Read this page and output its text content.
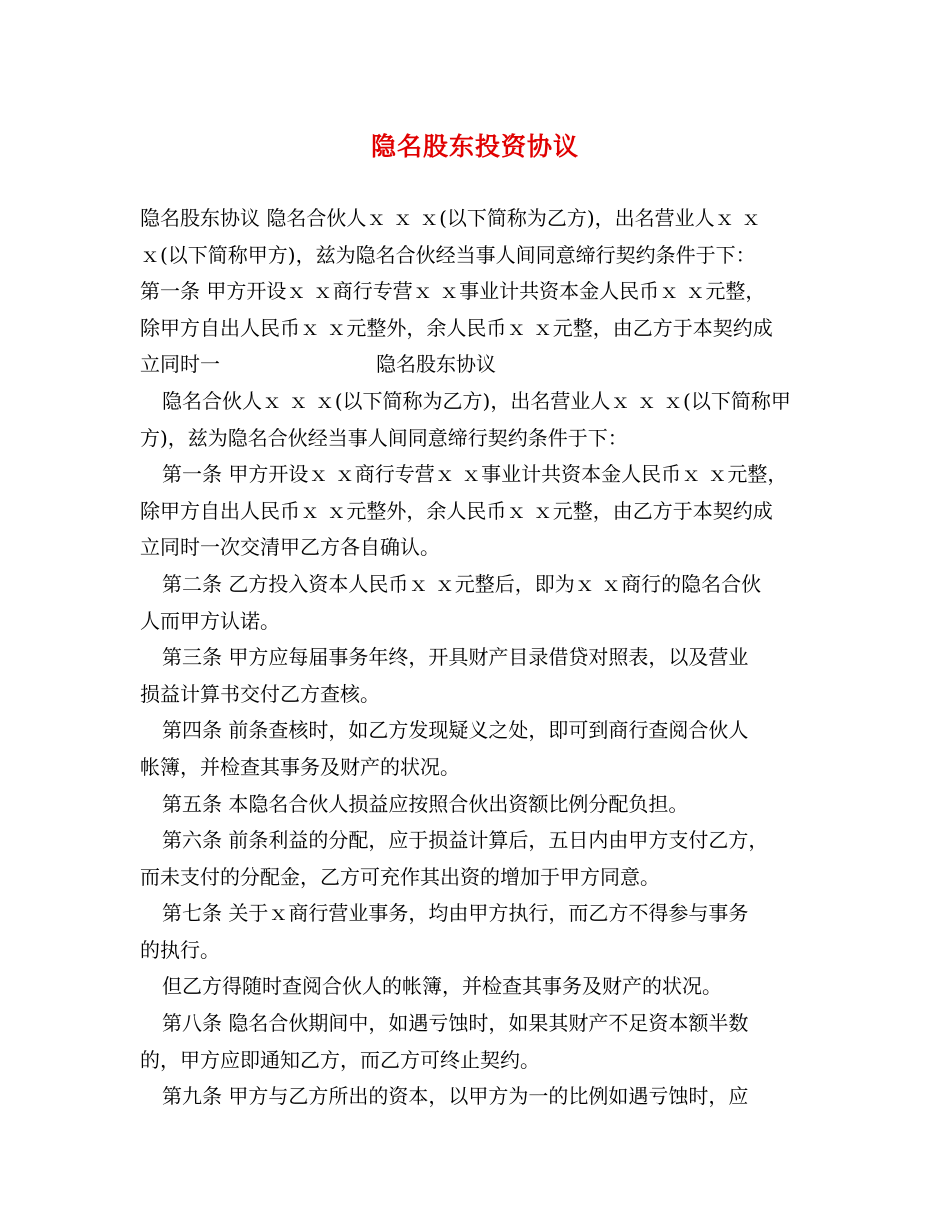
隐名股东投资协议
隐名股东协议 隐名合伙人ｘ ｘ ｘ(以下简称为乙方)，出名营业人ｘ ｘ
ｘ(以下简称甲方)，兹为隐名合伙经当事人间同意缔行契约条件于下：
第一条 甲方开设ｘ ｘ商行专营ｘ ｘ事业计共资本金人民币ｘ ｘ元整，
除甲方自出人民币ｘ ｘ元整外，余人民币ｘ ｘ元整，由乙方于本契约成
立同时一	隐名股东协议
隐名合伙人ｘ ｘ ｘ(以下简称为乙方)，出名营业人ｘ ｘ ｘ(以下简称甲
方)，兹为隐名合伙经当事人间同意缔行契约条件于下：
第一条 甲方开设ｘ ｘ商行专营ｘ ｘ事业计共资本金人民币ｘ ｘ元整，
除甲方自出人民币ｘ ｘ元整外，余人民币ｘ ｘ元整，由乙方于本契约成
立同时一次交清甲乙方各自确认。
第二条 乙方投入资本人民币ｘ ｘ元整后，即为ｘ ｘ商行的隐名合伙
人而甲方认诺。
第三条 甲方应每届事务年终，开具财产目录借贷对照表，以及营业
损益计算书交付乙方查核。
第四条 前条查核时，如乙方发现疑义之处，即可到商行查阅合伙人
帐簿，并检查其事务及财产的状况。
第五条 本隐名合伙人损益应按照合伙出资额比例分配负担。
第六条 前条利益的分配，应于损益计算后，五日内由甲方支付乙方，
而未支付的分配金，乙方可充作其出资的增加于甲方同意。
第七条 关于ｘ商行营业事务，均由甲方执行，而乙方不得参与事务
的执行。
但乙方得随时查阅合伙人的帐簿，并检查其事务及财产的状况。
第八条 隐名合伙期间中，如遇亏蚀时，如果其财产不足资本额半数
的，甲方应即通知乙方，而乙方可终止契约。
第九条 甲方与乙方所出的资本，以甲方为一的比例如遇亏蚀时，应
